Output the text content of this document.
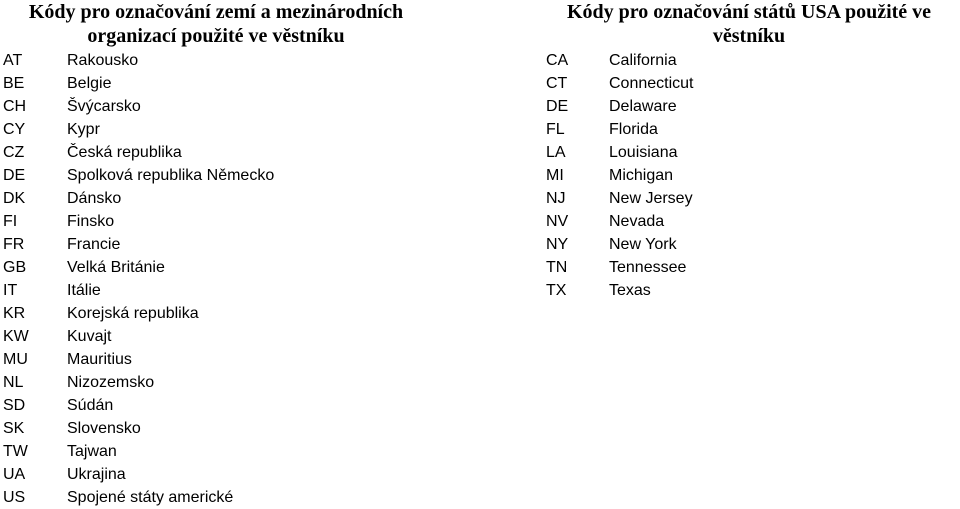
Kódy pro označování zemí a mezinárodních
organizací použité ve věstníku
AT	Rakousko
BE	Belgie
CH	Švýcarsko
CY	Kypr
CZ	Česká republika
DE	Spolková republika Německo
DK	Dánsko
FI	Finsko
FR	Francie
GB	Velká Británie
IT	Itálie
KR	Korejská republika
KW	Kuvajt
MU	Mauritius
NL	Nizozemsko
SD	Súdán
SK	Slovensko
TW	Tajwan
UA	Ukrajina
US	Spojené státy americké
Kódy pro označování států USA použité ve
věstníku
CA	California
CT	Connecticut
DE	Delaware
FL	Florida
LA	Louisiana
MI	Michigan
NJ	New Jersey
NV	Nevada
NY	New York
TN	Tennessee
TX	Texas
